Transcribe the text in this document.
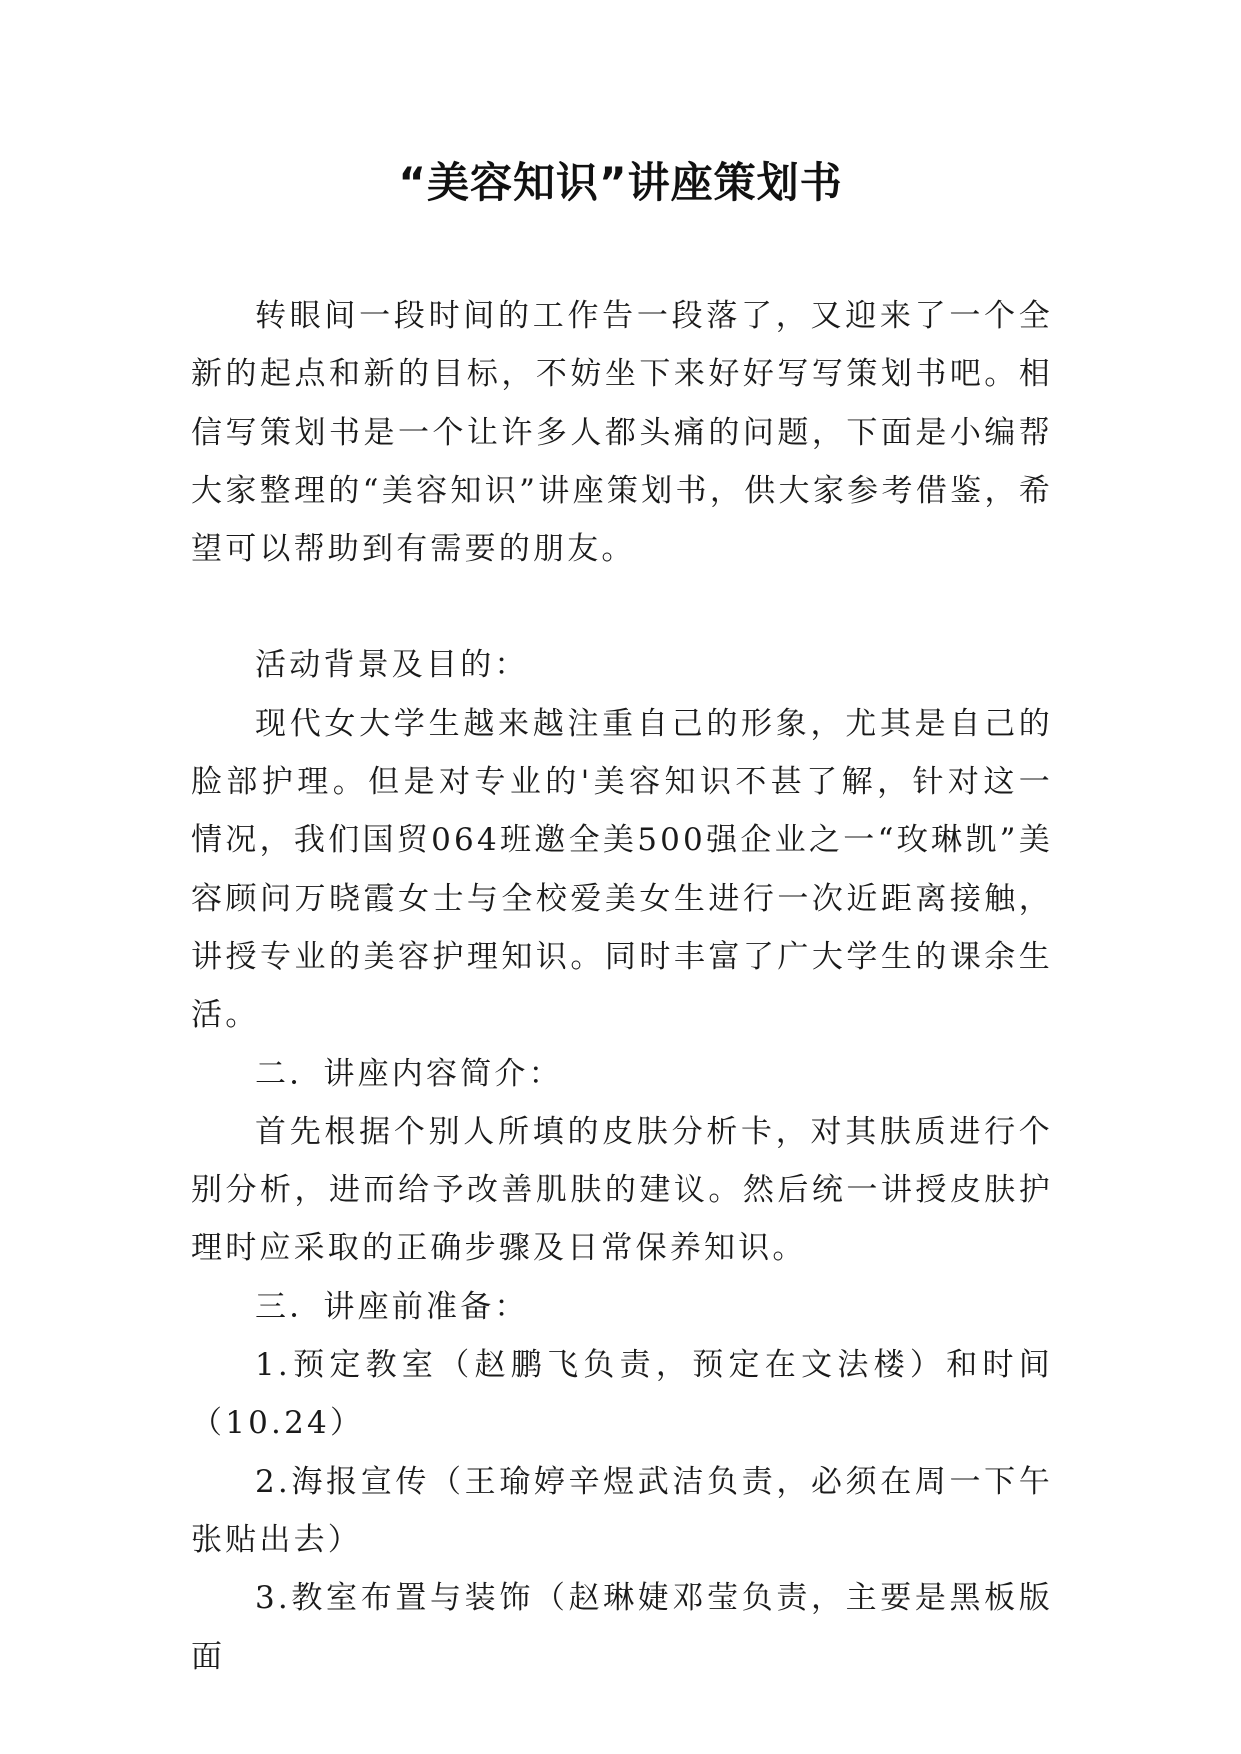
“美容知识”讲座策划书

转眼间一段时间的工作告一段落了，又迎来了一个全新的起点和新的目标，不妨坐下来好好写写策划书吧。相信写策划书是一个让许多人都头痛的问题，下面是小编帮大家整理的“美容知识”讲座策划书，供大家参考借鉴，希望可以帮助到有需要的朋友。

活动背景及目的：

现代女大学生越来越注重自己的形象，尤其是自己的脸部护理。但是对专业的'美容知识不甚了解，针对这一情况，我们国贸064班邀全美500强企业之一“玫琳凯”美容顾问万晓霞女士与全校爱美女生进行一次近距离接触，讲授专业的美容护理知识。同时丰富了广大学生的课余生活。

二．讲座内容简介：

首先根据个别人所填的皮肤分析卡，对其肤质进行个别分析，进而给予改善肌肤的建议。然后统一讲授皮肤护理时应采取的正确步骤及日常保养知识。

三．讲座前准备：

1.预定教室（赵鹏飞负责，预定在文法楼）和时间（10.24）

2.海报宣传（王瑜婷辛煜武洁负责，必须在周一下午张贴出去）

3.教室布置与装饰（赵琳婕邓莹负责，主要是黑板版面
